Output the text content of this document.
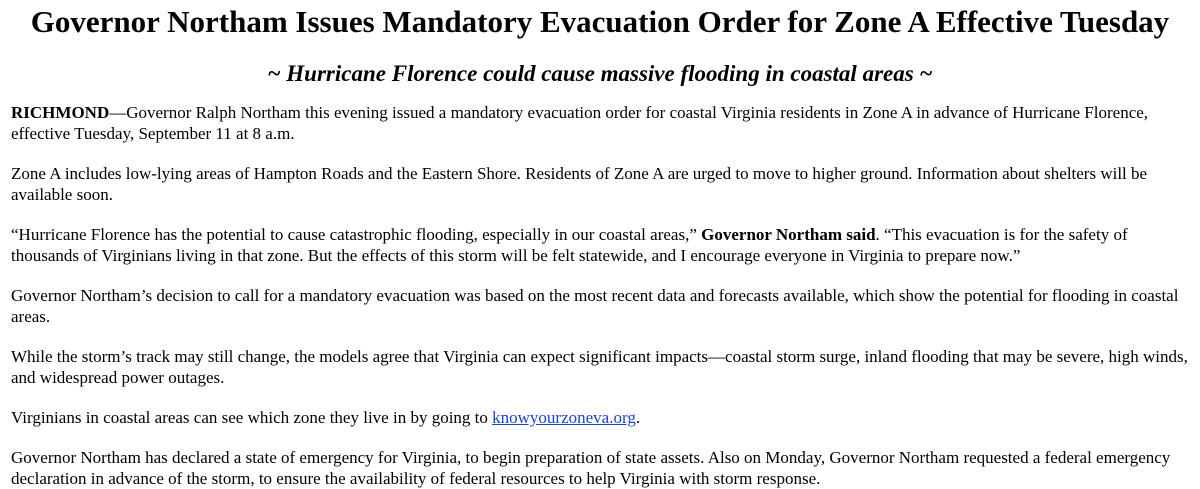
Governor Northam Issues Mandatory Evacuation Order for Zone A Effective Tuesday
~ Hurricane Florence could cause massive flooding in coastal areas ~

RICHMOND—Governor Ralph Northam this evening issued a mandatory evacuation order for coastal Virginia residents in Zone A in advance of Hurricane Florence, effective Tuesday, September 11 at 8 a.m.

Zone A includes low-lying areas of Hampton Roads and the Eastern Shore. Residents of Zone A are urged to move to higher ground. Information about shelters will be available soon.

“Hurricane Florence has the potential to cause catastrophic flooding, especially in our coastal areas,” Governor Northam said. “This evacuation is for the safety of thousands of Virginians living in that zone. But the effects of this storm will be felt statewide, and I encourage everyone in Virginia to prepare now.”

Governor Northam’s decision to call for a mandatory evacuation was based on the most recent data and forecasts available, which show the potential for flooding in coastal areas.

While the storm’s track may still change, the models agree that Virginia can expect significant impacts—coastal storm surge, inland flooding that may be severe, high winds, and widespread power outages.

Virginians in coastal areas can see which zone they live in by going to knowyourzoneva.org.

Governor Northam has declared a state of emergency for Virginia, to begin preparation of state assets. Also on Monday, Governor Northam requested a federal emergency declaration in advance of the storm, to ensure the availability of federal resources to help Virginia with storm response.
